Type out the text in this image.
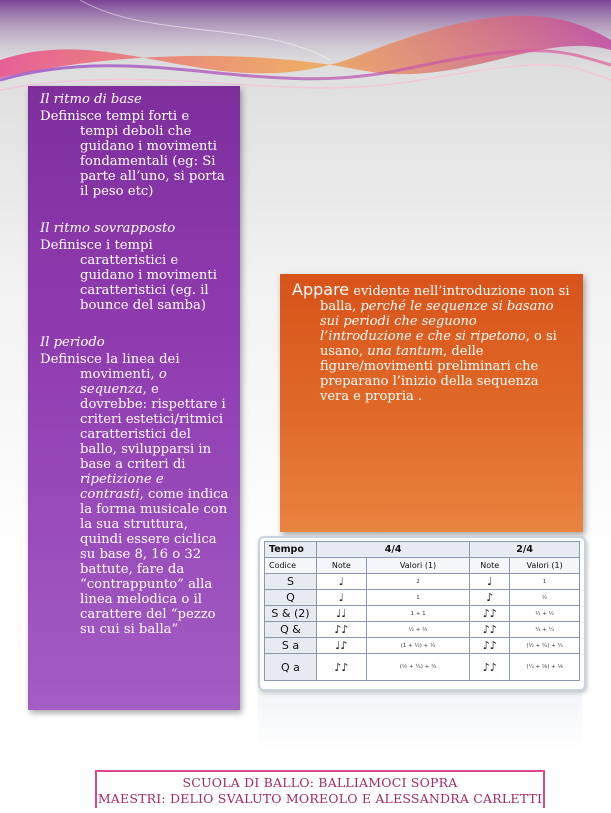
Il ritmo di base

Definisce tempi forti e tempi deboli che guidano i movimenti fondamentali (eg: Si parte all’uno, si porta il peso etc)

Il ritmo sovrapposto

Definisce i tempi caratteristici e guidano i movimenti caratteristici (eg. il bounce del samba)

Il periodo

Definisce la linea dei movimenti, o sequenza, e dovrebbe: rispettare i criteri estetici/ritmici caratteristici del ballo, svilupparsi in base a criteri di ripetizione e contrasti, come indica la forma musicale con la sua struttura, quindi essere ciclica su base 8, 16 o 32 battute, fare da “contrappunto” alla linea melodica o il carattere del “pezzo su cui si balla”

Appare evidente nell’introduzione non si balla, perché le sequenze si basano sui periodi che seguono l’introduzione e che si ripetono, o si usano, una tantum, delle figure/movimenti preliminari che preparano l’inizio della sequenza vera e propria .

Tempo	4/4		2/4	
Codice	Note	Valori (1)	Note	Valori (1)
S	♩	2	♩	1
Q	♩	1	♪	½
S & (2)	♩♩	1 + 1	♪♪	½ + ½
Q &	♪♪	½ + ½	♪♪	¼ + ¼
S a	♩♪	(1 + ½) + ½	♪♪	(½ + ¼) + ¼
Q a	♪♪	(½ + ¼) + ¼	♪♪	(¼ + ⅛) + ⅛
SCUOLA DI BALLO: BALLIAMOCI SOPRA
MAESTRI: DELIO SVALUTO MOREOLO E ALESSANDRA CARLETTI
